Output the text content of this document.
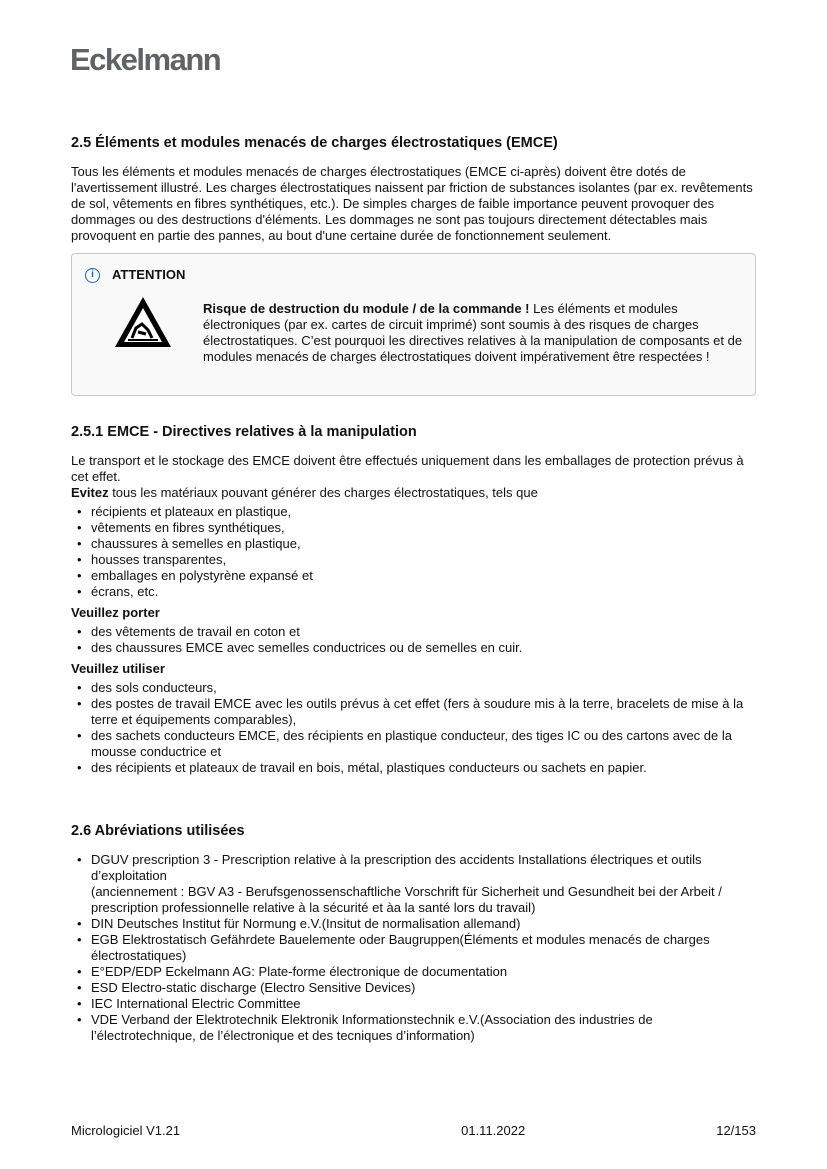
Eckelmann
2.5 Éléments et modules menacés de charges électrostatiques (EMCE)

Tous les éléments et modules menacés de charges électrostatiques (EMCE ci-après) doivent être dotés de l'avertissement illustré. Les charges électrostatiques naissent par friction de substances isolantes (par ex. revêtements de sol, vêtements en fibres synthétiques, etc.). De simples charges de faible importance peuvent provoquer des dommages ou des destructions d'éléments. Les dommages ne sont pas toujours directement détectables mais provoquent en partie des pannes, au bout d'une certaine durée de fonctionnement seulement.

i	ATTENTION

Risque de destruction du module / de la commande ! Les éléments et modules électroniques (par ex. cartes de circuit imprimé) sont soumis à des risques de charges électrostatiques. C’est pourquoi les directives relatives à la manipulation de composants et de modules menacés de charges électrostatiques doivent impérativement être respectées !

2.5.1 EMCE - Directives relatives à la manipulation

Le transport et le stockage des EMCE doivent être effectués uniquement dans les emballages de protection prévus à cet effet.

Evitez tous les matériaux pouvant générer des charges électrostatiques, tels que

• récipients et plateaux en plastique,
• vêtements en fibres synthétiques,
• chaussures à semelles en plastique,
• housses transparentes,
• emballages en polystyrène expansé et
• écrans, etc.
Veuillez porter
• des vêtements de travail en coton et
• des chaussures EMCE avec semelles conductrices ou de semelles en cuir.
Veuillez utiliser
• des sols conducteurs,
• des postes de travail EMCE avec les outils prévus à cet effet (fers à soudure mis à la terre, bracelets de mise à la terre et équipements comparables),
• des sachets conducteurs EMCE, des récipients en plastique conducteur, des tiges IC ou des cartons avec de la mousse conductrice et
• des récipients et plateaux de travail en bois, métal, plastiques conducteurs ou sachets en papier.
2.6 Abréviations utilisées
• DGUV prescription 3 - Prescription relative à la prescription des accidents Installations électriques et outils d’exploitation
(anciennement : BGV A3 - Berufsgenossenschaftliche Vorschrift für Sicherheit und Gesundheit bei der Arbeit / prescription professionnelle relative à la sécurité et àa la santé lors du travail)
• DIN Deutsches Institut für Normung e.V.(Insitut de normalisation allemand)
• EGB Elektrostatisch Gefährdete Bauelemente oder Baugruppen(Éléments et modules menacés de charges électrostatiques)
• E°EDP/EDP Eckelmann AG: Plate-forme électronique de documentation
• ESD Electro-static discharge (Electro Sensitive Devices)
• IEC International Electric Committee
• VDE Verband der Elektrotechnik Elektronik Informationstechnik e.V.(Association des industries de l’électrotechnique, de l’électronique et des tecniques d’information)
Micrologiciel V1.21	01.11.2022	12/153
